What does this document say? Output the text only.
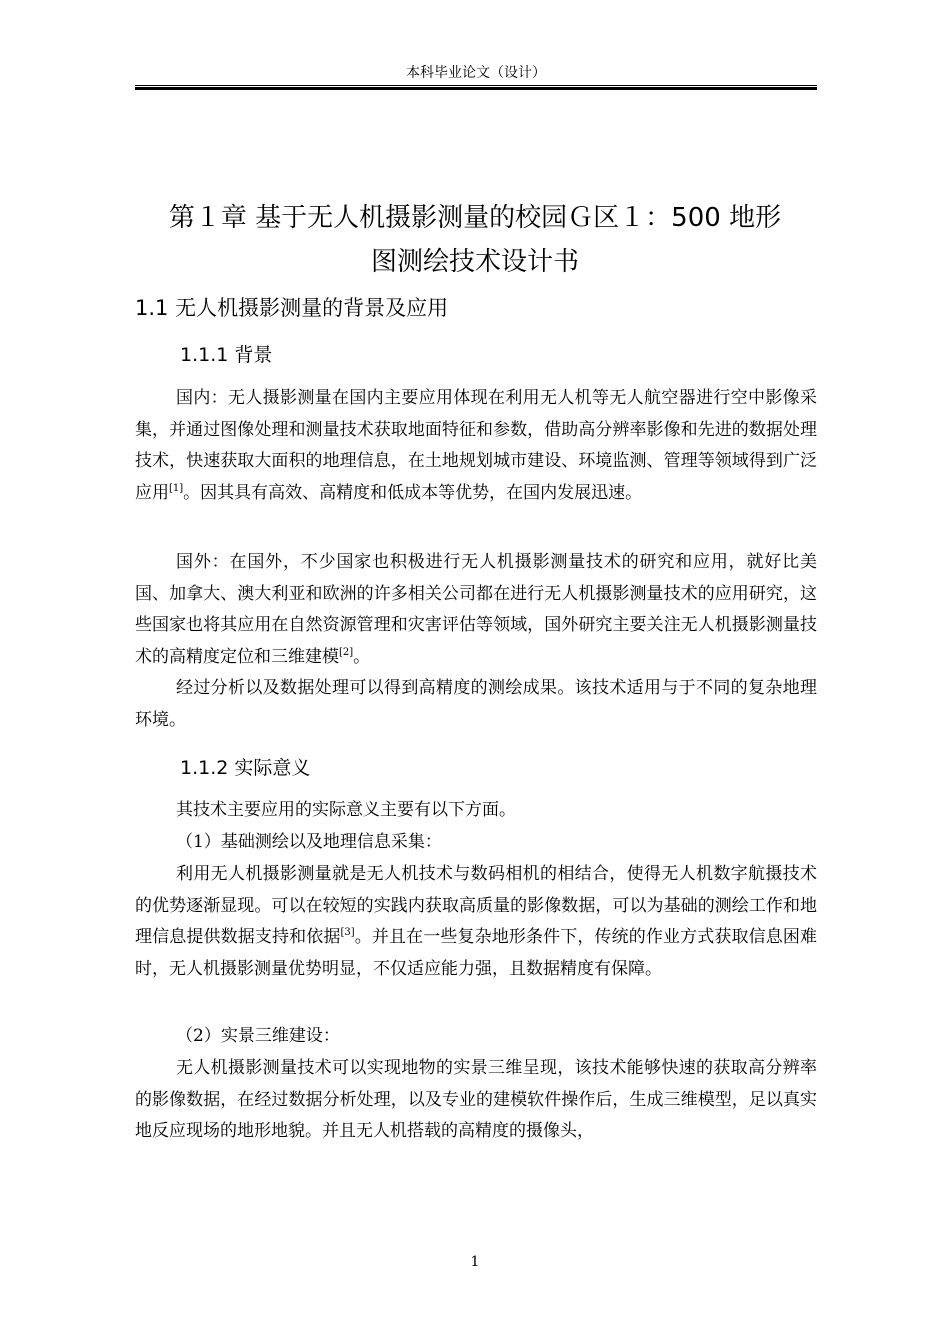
本科毕业论文（设计）
第１章 基于无人机摄影测量的校园Ｇ区１：500 地形
图测绘技术设计书
1.1 无人机摄影测量的背景及应用
1.1.1 背景
国内：无人摄影测量在国内主要应用体现在利用无人机等无人航空器进行空中影像采集，并通过图像处理和测量技术获取地面特征和参数，借助高分辨率影像和先进的数据处理技术，快速获取大面积的地理信息，在土地规划城市建设、环境监测、管理等领域得到广泛应用[1]。因其具有高效、高精度和低成本等优势，在国内发展迅速。
国外：在国外，不少国家也积极进行无人机摄影测量技术的研究和应用，就好比美国、加拿大、澳大利亚和欧洲的许多相关公司都在进行无人机摄影测量技术的应用研究，这些国家也将其应用在自然资源管理和灾害评估等领域，国外研究主要关注无人机摄影测量技术的高精度定位和三维建模[2]。
经过分析以及数据处理可以得到高精度的测绘成果。该技术适用与于不同的复杂地理环境。
1.1.2 实际意义
其技术主要应用的实际意义主要有以下方面。
（1）基础测绘以及地理信息采集：
利用无人机摄影测量就是无人机技术与数码相机的相结合，使得无人机数字航摄技术的优势逐渐显现。可以在较短的实践内获取高质量的影像数据，可以为基础的测绘工作和地理信息提供数据支持和依据[3]。并且在一些复杂地形条件下，传统的作业方式获取信息困难时，无人机摄影测量优势明显，不仅适应能力强，且数据精度有保障。
（2）实景三维建设：
无人机摄影测量技术可以实现地物的实景三维呈现，该技术能够快速的获取高分辨率的影像数据，在经过数据分析处理，以及专业的建模软件操作后，生成三维模型，足以真实地反应现场的地形地貌。并且无人机搭载的高精度的摄像头，
1
